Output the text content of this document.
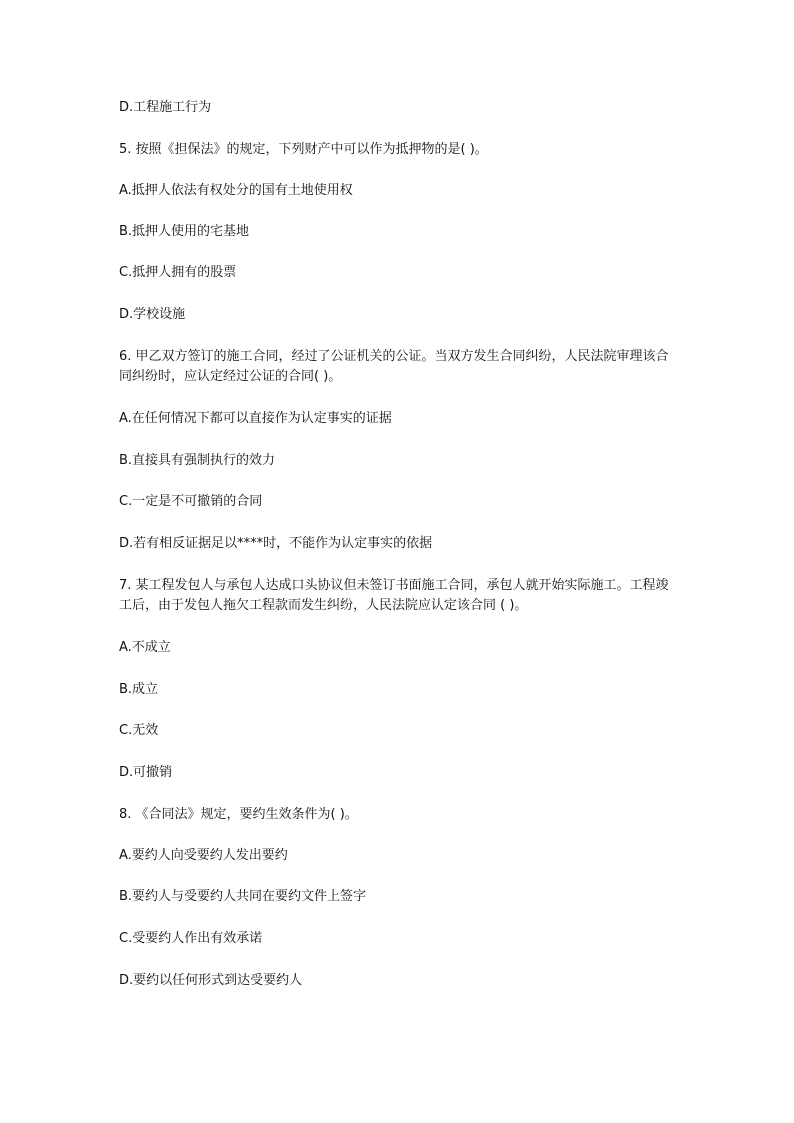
D.工程施工行为
5. 按照《担保法》的规定，下列财产中可以作为抵押物的是( )。
A.抵押人依法有权处分的国有土地使用权
B.抵押人使用的宅基地
C.抵押人拥有的股票
D.学校设施
6. 甲乙双方签订的施工合同，经过了公证机关的公证。当双方发生合同纠纷，人民法院审理该合同纠纷时，应认定经过公证的合同( )。
A.在任何情况下都可以直接作为认定事实的证据
B.直接具有强制执行的效力
C.一定是不可撤销的合同
D.若有相反证据足以****时，不能作为认定事实的依据
7. 某工程发包人与承包人达成口头协议但未签订书面施工合同，承包人就开始实际施工。工程竣工后，由于发包人拖欠工程款而发生纠纷，人民法院应认定该合同 ( )。
A.不成立
B.成立
C.无效
D.可撤销
8. 《合同法》规定，要约生效条件为( )。
A.要约人向受要约人发出要约
B.要约人与受要约人共同在要约文件上签字
C.受要约人作出有效承诺
D.要约以任何形式到达受要约人
